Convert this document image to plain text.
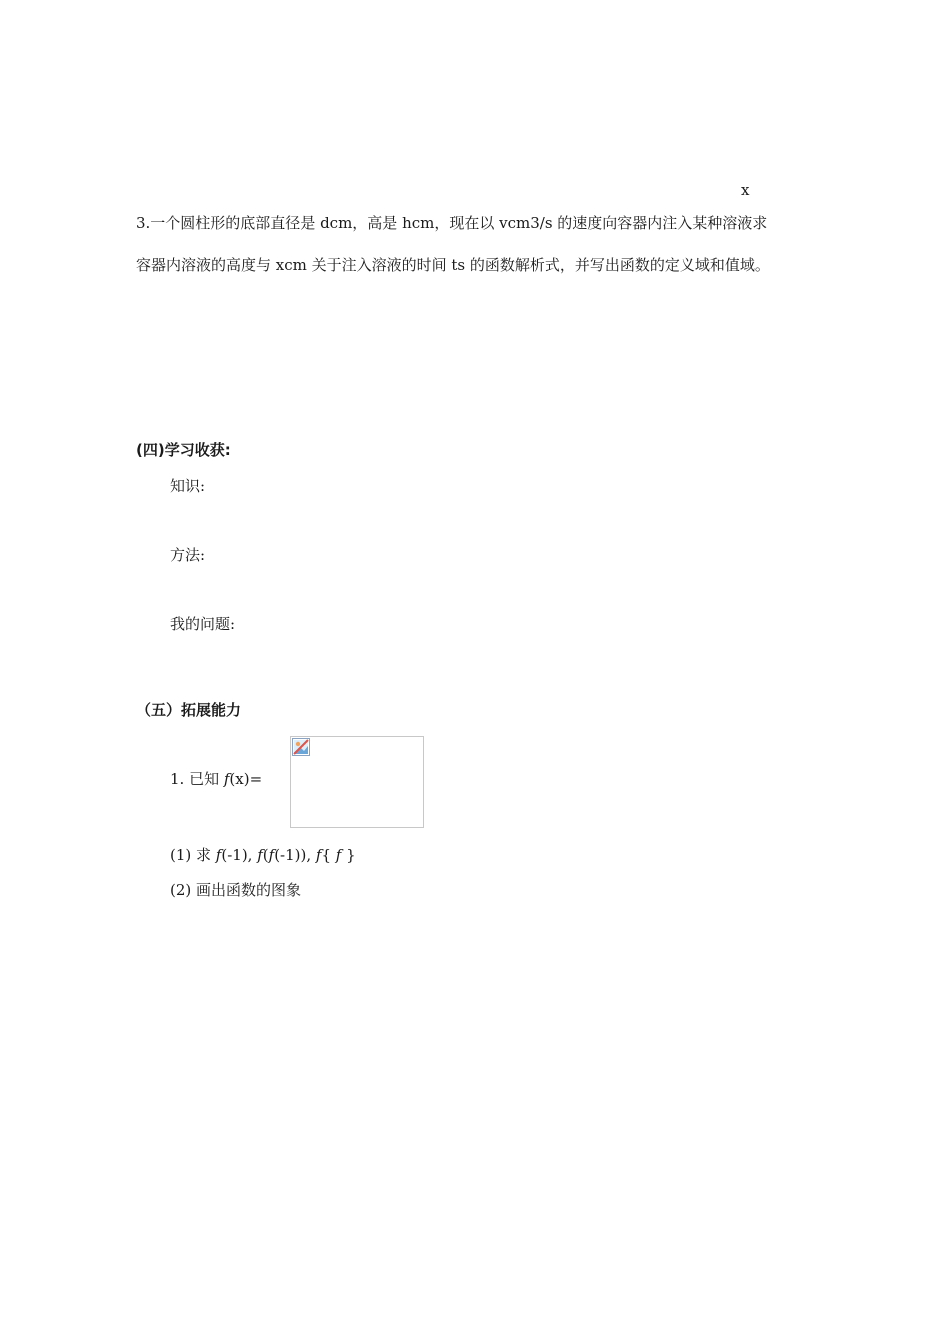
x
3.一个圆柱形的底部直径是 dcm，高是 hcm，现在以 vcm3/s 的速度向容器内注入某种溶液求
容器内溶液的高度与 xcm 关于注入溶液的时间 ts 的函数解析式，并写出函数的定义域和值域。
(四)学习收获:
知识:
方法:
我的问题:
（五）拓展能力
1. 已知 f(x)=
(1) 求 f(-1), f(f(-1)), f{ f }
(2) 画出函数的图象
